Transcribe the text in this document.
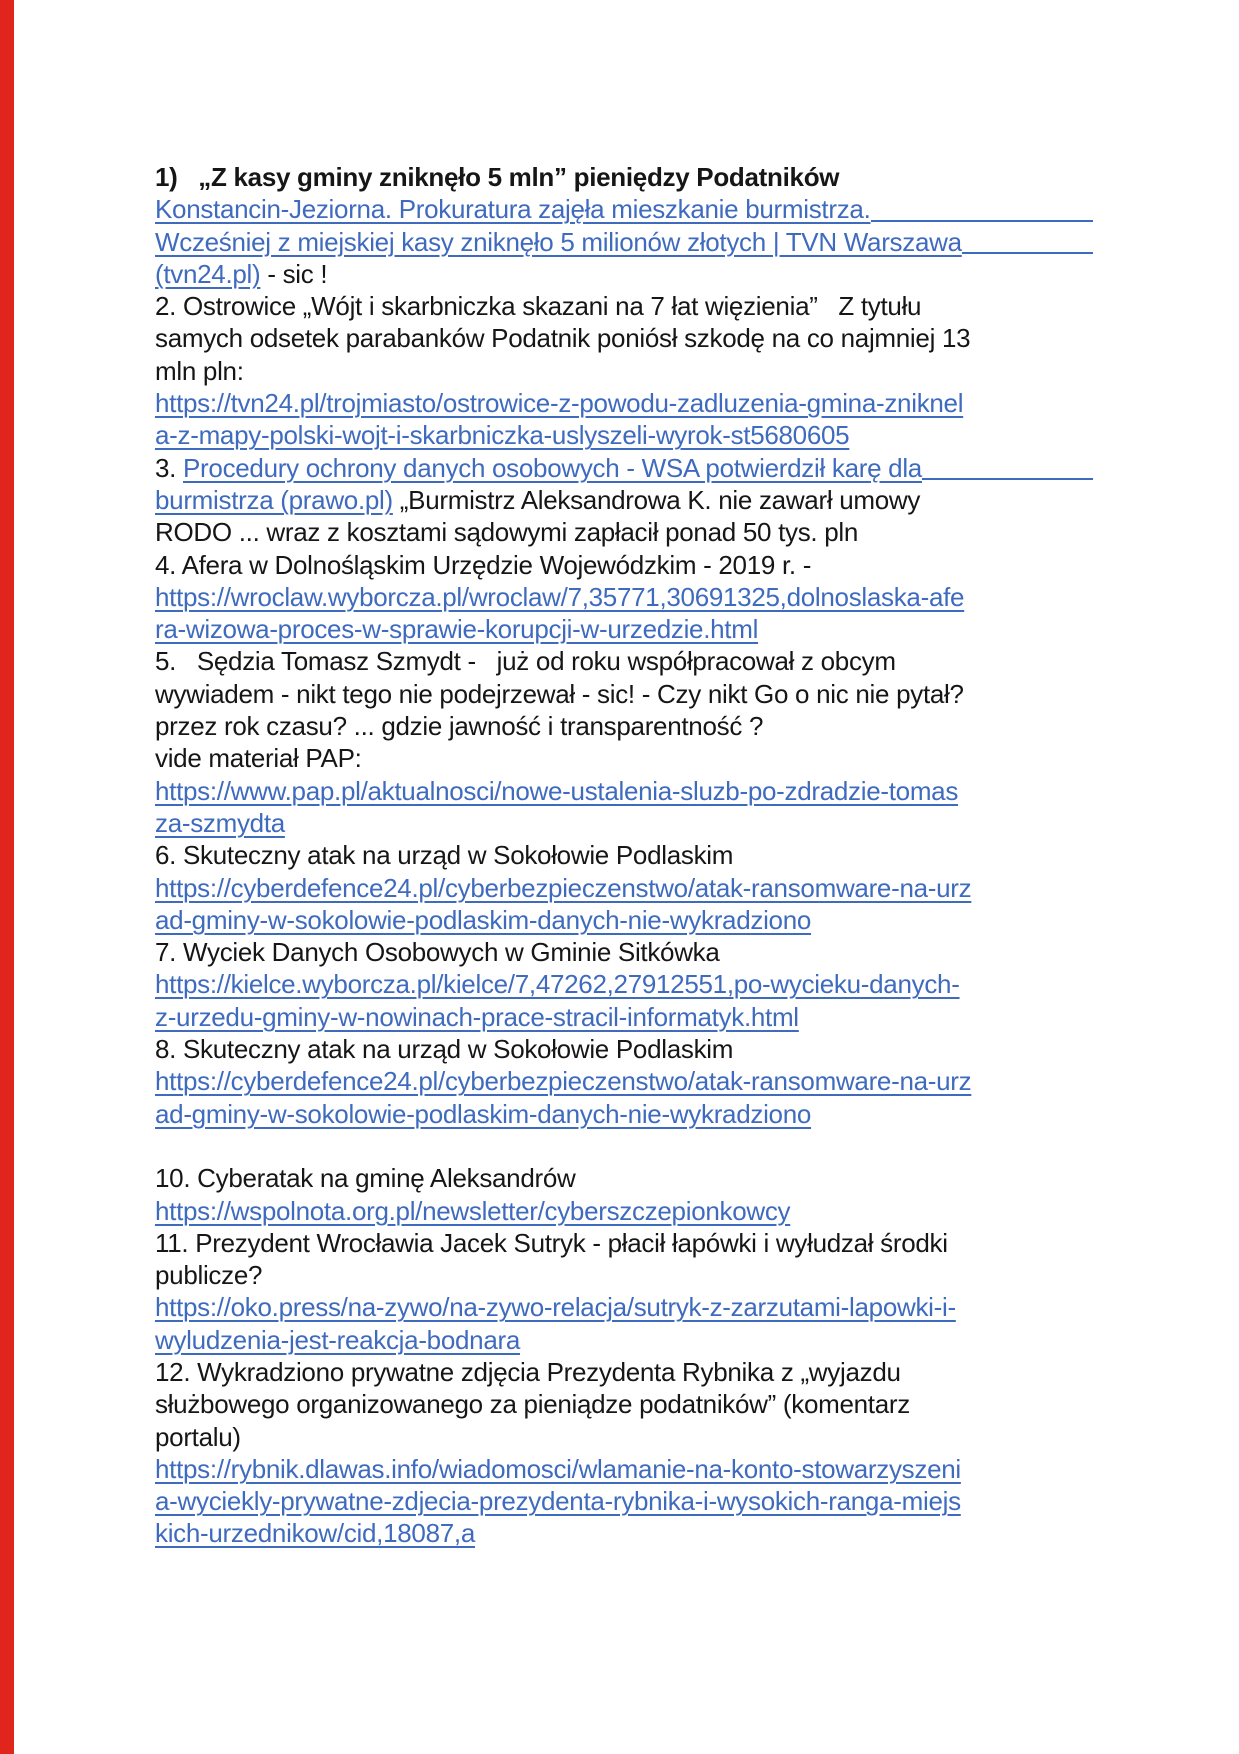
1)   „Z kasy gminy zniknęło 5 mln” pieniędzy Podatników
Konstancin-Jeziorna. Prokuratura zajęła mieszkanie burmistrza.
Wcześniej z miejskiej kasy zniknęło 5 milionów złotych | TVN Warszawa
(tvn24.pl) - sic !
2. Ostrowice „Wójt i skarbniczka skazani na 7 łat więzienia”   Z tytułu
samych odsetek parabanków Podatnik poniósł szkodę na co najmniej 13
mln pln:
https://tvn24.pl/trojmiasto/ostrowice-z-powodu-zadluzenia-gmina-zniknel
a-z-mapy-polski-wojt-i-skarbniczka-uslyszeli-wyrok-st5680605
3. Procedury ochrony danych osobowych - WSA potwierdził karę dla
burmistrza (prawo.pl) „Burmistrz Aleksandrowa K. nie zawarł umowy
RODO ... wraz z kosztami sądowymi zapłacił ponad 50 tys. pln
4. Afera w Dolnośląskim Urzędzie Wojewódzkim - 2019 r. -
https://wroclaw.wyborcza.pl/wroclaw/7,35771,30691325,dolnoslaska-afe
ra-wizowa-proces-w-sprawie-korupcji-w-urzedzie.html
5.   Sędzia Tomasz Szmydt -   już od roku współpracował z obcym
wywiadem - nikt tego nie podejrzewał - sic! - Czy nikt Go o nic nie pytał?
przez rok czasu? ... gdzie jawność i transparentność ?
vide materiał PAP:
https://www.pap.pl/aktualnosci/nowe-ustalenia-sluzb-po-zdradzie-tomas
za-szmydta
6. Skuteczny atak na urząd w Sokołowie Podlaskim
https://cyberdefence24.pl/cyberbezpieczenstwo/atak-ransomware-na-urz
ad-gminy-w-sokolowie-podlaskim-danych-nie-wykradziono
7. Wyciek Danych Osobowych w Gminie Sitkówka
https://kielce.wyborcza.pl/kielce/7,47262,27912551,po-wycieku-danych-
z-urzedu-gminy-w-nowinach-prace-stracil-informatyk.html
8. Skuteczny atak na urząd w Sokołowie Podlaskim
https://cyberdefence24.pl/cyberbezpieczenstwo/atak-ransomware-na-urz
ad-gminy-w-sokolowie-podlaskim-danych-nie-wykradziono

10. Cyberatak na gminę Aleksandrów
https://wspolnota.org.pl/newsletter/cyberszczepionkowcy
11. Prezydent Wrocławia Jacek Sutryk - płacił łapówki i wyłudzał środki
publicze?
https://oko.press/na-zywo/na-zywo-relacja/sutryk-z-zarzutami-lapowki-i-
wyludzenia-jest-reakcja-bodnara
12. Wykradziono prywatne zdjęcia Prezydenta Rybnika z „wyjazdu
służbowego organizowanego za pieniądze podatników” (komentarz
portalu)
https://rybnik.dlawas.info/wiadomosci/wlamanie-na-konto-stowarzyszeni
a-wyciekly-prywatne-zdjecia-prezydenta-rybnika-i-wysokich-ranga-miejs
kich-urzednikow/cid,18087,a
